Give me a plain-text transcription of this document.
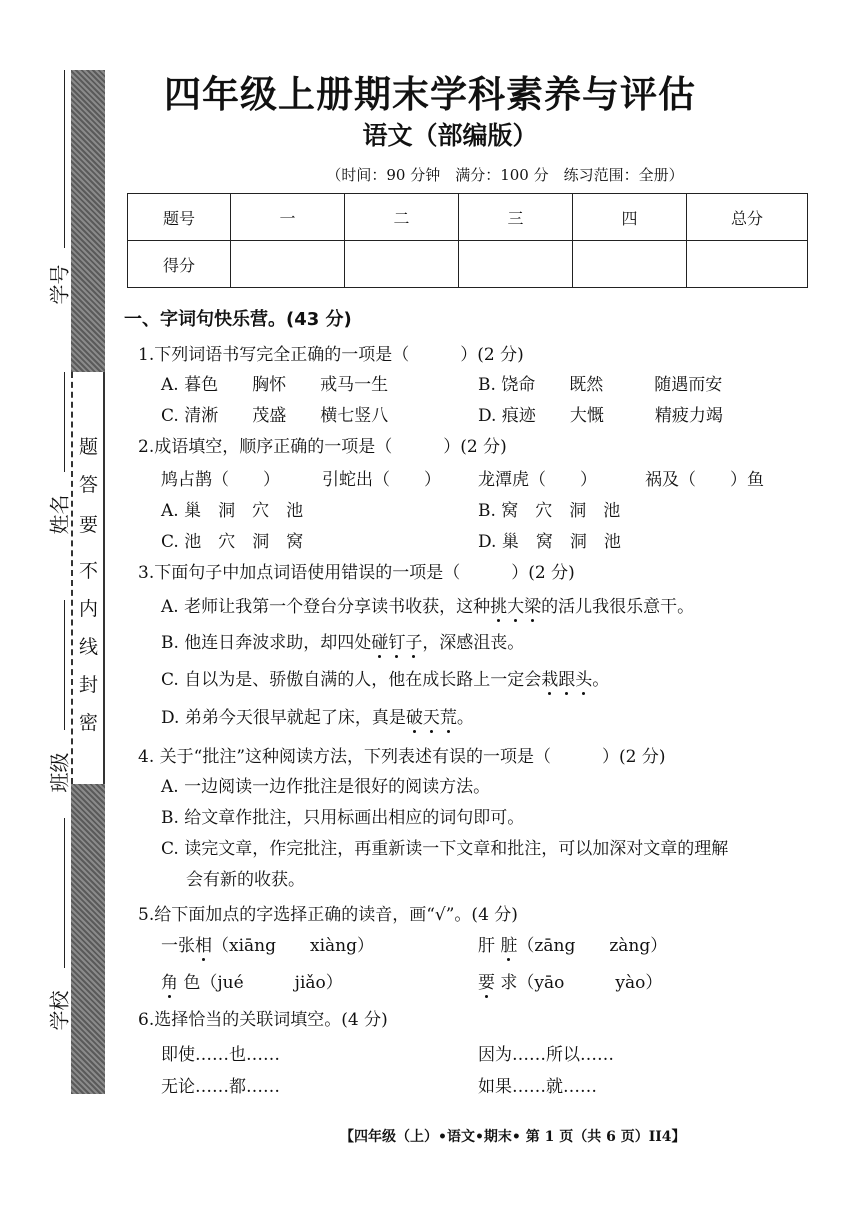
学号
姓名
班级
学校
密
封
线
内
不
要
答
题
四年级上册期末学科素养与评估
语文（部编版）
（时间：90 分钟　满分：100 分　练习范围：全册）
题号	一	二	三	四	总分
得分					
一、字词句快乐营。(43 分)
1.下列词语书写完全正确的一项是（　　　）(2 分)
A. 暮色　　胸怀　　戒马一生	B. 饶命　　既然　　　随遇而安
C. 清淅　　茂盛　　横七竖八	D. 痕迹　　大慨　　　精疲力竭
2.成语填空，顺序正确的一项是（　　　）(2 分)
鸠占鹊（　　） 引蛇出（　　） 龙潭虎（　　）	祸及（　　）鱼
A. 巢　洞　穴　池	B. 窝　穴　洞　池
C. 池　穴　洞　窝	D. 巢　窝　洞　池
3.下面句子中加点词语使用错误的一项是（　　　）(2 分)
A. 老师让我第一个登台分享读书收获，这种挑大梁的活儿我很乐意干。
B. 他连日奔波求助，却四处碰钉子，深感沮丧。
C. 自以为是、骄傲自满的人，他在成长路上一定会栽跟头。
D. 弟弟今天很早就起了床，真是破天荒。
4. 关于“批注”这种阅读方法，下列表述有误的一项是（　　　）(2 分)
A. 一边阅读一边作批注是很好的阅读方法。
B. 给文章作批注，只用标画出相应的词句即可。
C. 读完文章，作完批注，再重新读一下文章和批注，可以加深对文章的理解
会有新的收获。
5.给下面加点的字选择正确的读音，画“√”。(4 分)
一张相（xiāng　　xiàng）	肝 脏（zāng　　zàng）
角 色（jué　　　jiǎo）	要 求（yāo　　　yào）
6.选择恰当的关联词填空。(4 分)
即使……也……	因为……所以……
无论……都……	如果……就……
【四年级（上）•语文•期末• 第 1 页（共 6 页）II4】
